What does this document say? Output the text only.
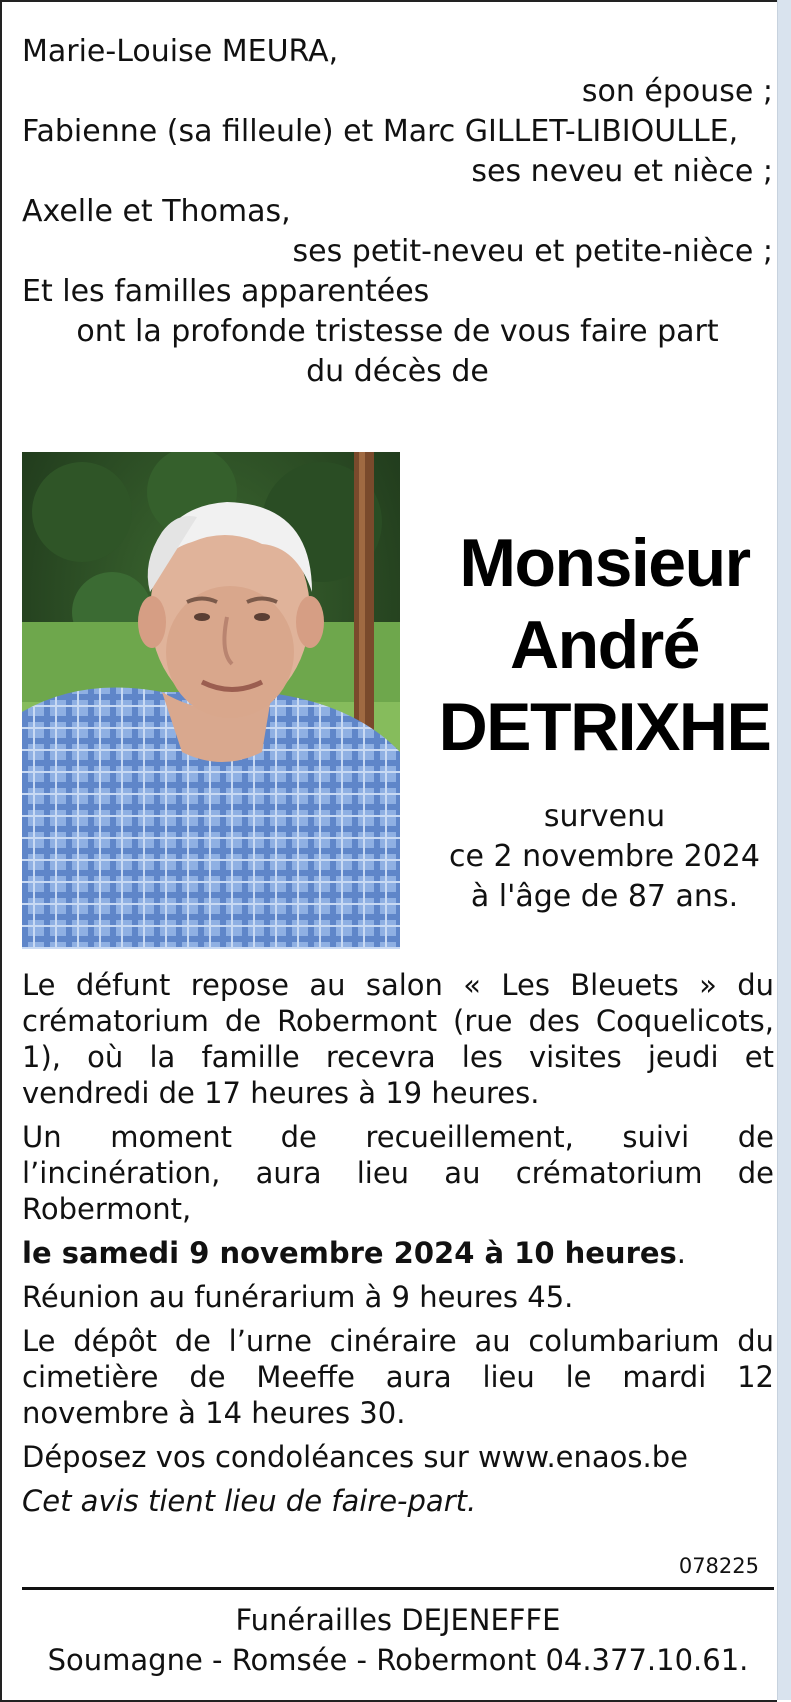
Marie-Louise MEURA,
son épouse ;
Fabienne (sa filleule) et Marc GILLET-LIBIOULLE,
ses neveu et nièce ;
Axelle et Thomas,
ses petit-neveu et petite-nièce ;
Et les familles apparentées
ont la profonde tristesse de vous faire part
du décès de
Monsieur
André
DETRIXHE
survenu
ce 2 novembre 2024
à l'âge de 87 ans.

Le défunt repose au salon « Les Bleuets » du crématorium de Robermont (rue des Coquelicots, 1), où la famille recevra les visites jeudi et vendredi de 17 heures à 19 heures.

Un moment de recueillement, suivi de l’incinération, aura lieu au crématorium de Robermont,

le samedi 9 novembre 2024 à 10 heures.

Réunion au funérarium à 9 heures 45.

Le dépôt de l’urne cinéraire au columbarium du cimetière de Meeffe aura lieu le mardi 12 novembre à 14 heures 30.

Déposez vos condoléances sur www.enaos.be

Cet avis tient lieu de faire-part.

078225
Funérailles DEJENEFFE
Soumagne - Romsée - Robermont 04.377.10.61.
